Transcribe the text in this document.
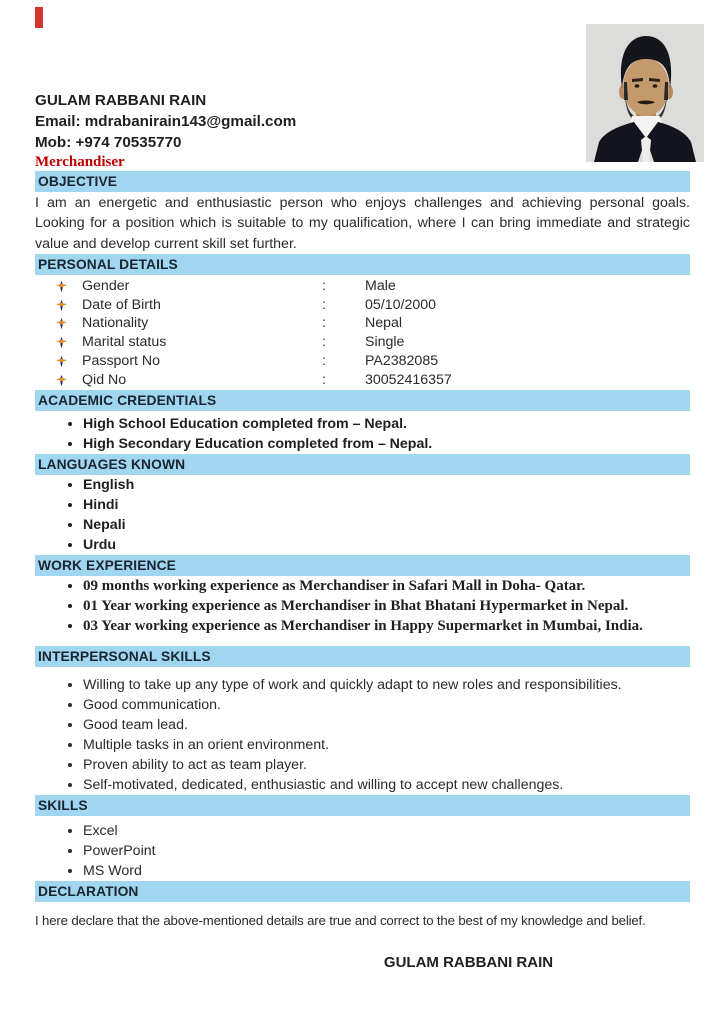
GULAM RABBANI RAIN
Email: mdrabanirain143@gmail.com
Mob: +974 70535770
Merchandiser
OBJECTIVE
I am an energetic and enthusiastic person who enjoys challenges and achieving personal goals. Looking for a position which is suitable to my qualification, where I can bring immediate and strategic value and develop current skill set further.
PERSONAL DETAILS
Gender	:	Male
Date of Birth	:	05/10/2000
Nationality	:	Nepal
Marital status	:	Single
Passport No	:	PA2382085
Qid No	:	30052416357
ACADEMIC CREDENTIALS
• High School Education completed from – Nepal.
• High Secondary Education completed from – Nepal.
LANGUAGES KNOWN
• English
• Hindi
• Nepali
• Urdu
WORK EXPERIENCE
• 09 months working experience as Merchandiser in Safari Mall in Doha- Qatar.
• 01 Year working experience as Merchandiser in Bhat Bhatani Hypermarket in Nepal.
• 03 Year working experience as Merchandiser in Happy Supermarket in Mumbai, India.
INTERPERSONAL SKILLS
• Willing to take up any type of work and quickly adapt to new roles and responsibilities.
• Good communication.
• Good team lead.
• Multiple tasks in an orient environment.
• Proven ability to act as team player.
• Self-motivated, dedicated, enthusiastic and willing to accept new challenges.
SKILLS
• Excel
• PowerPoint
• MS Word
DECLARATION
I here declare that the above-mentioned details are true and correct to the best of my knowledge and belief.
GULAM RABBANI RAIN
